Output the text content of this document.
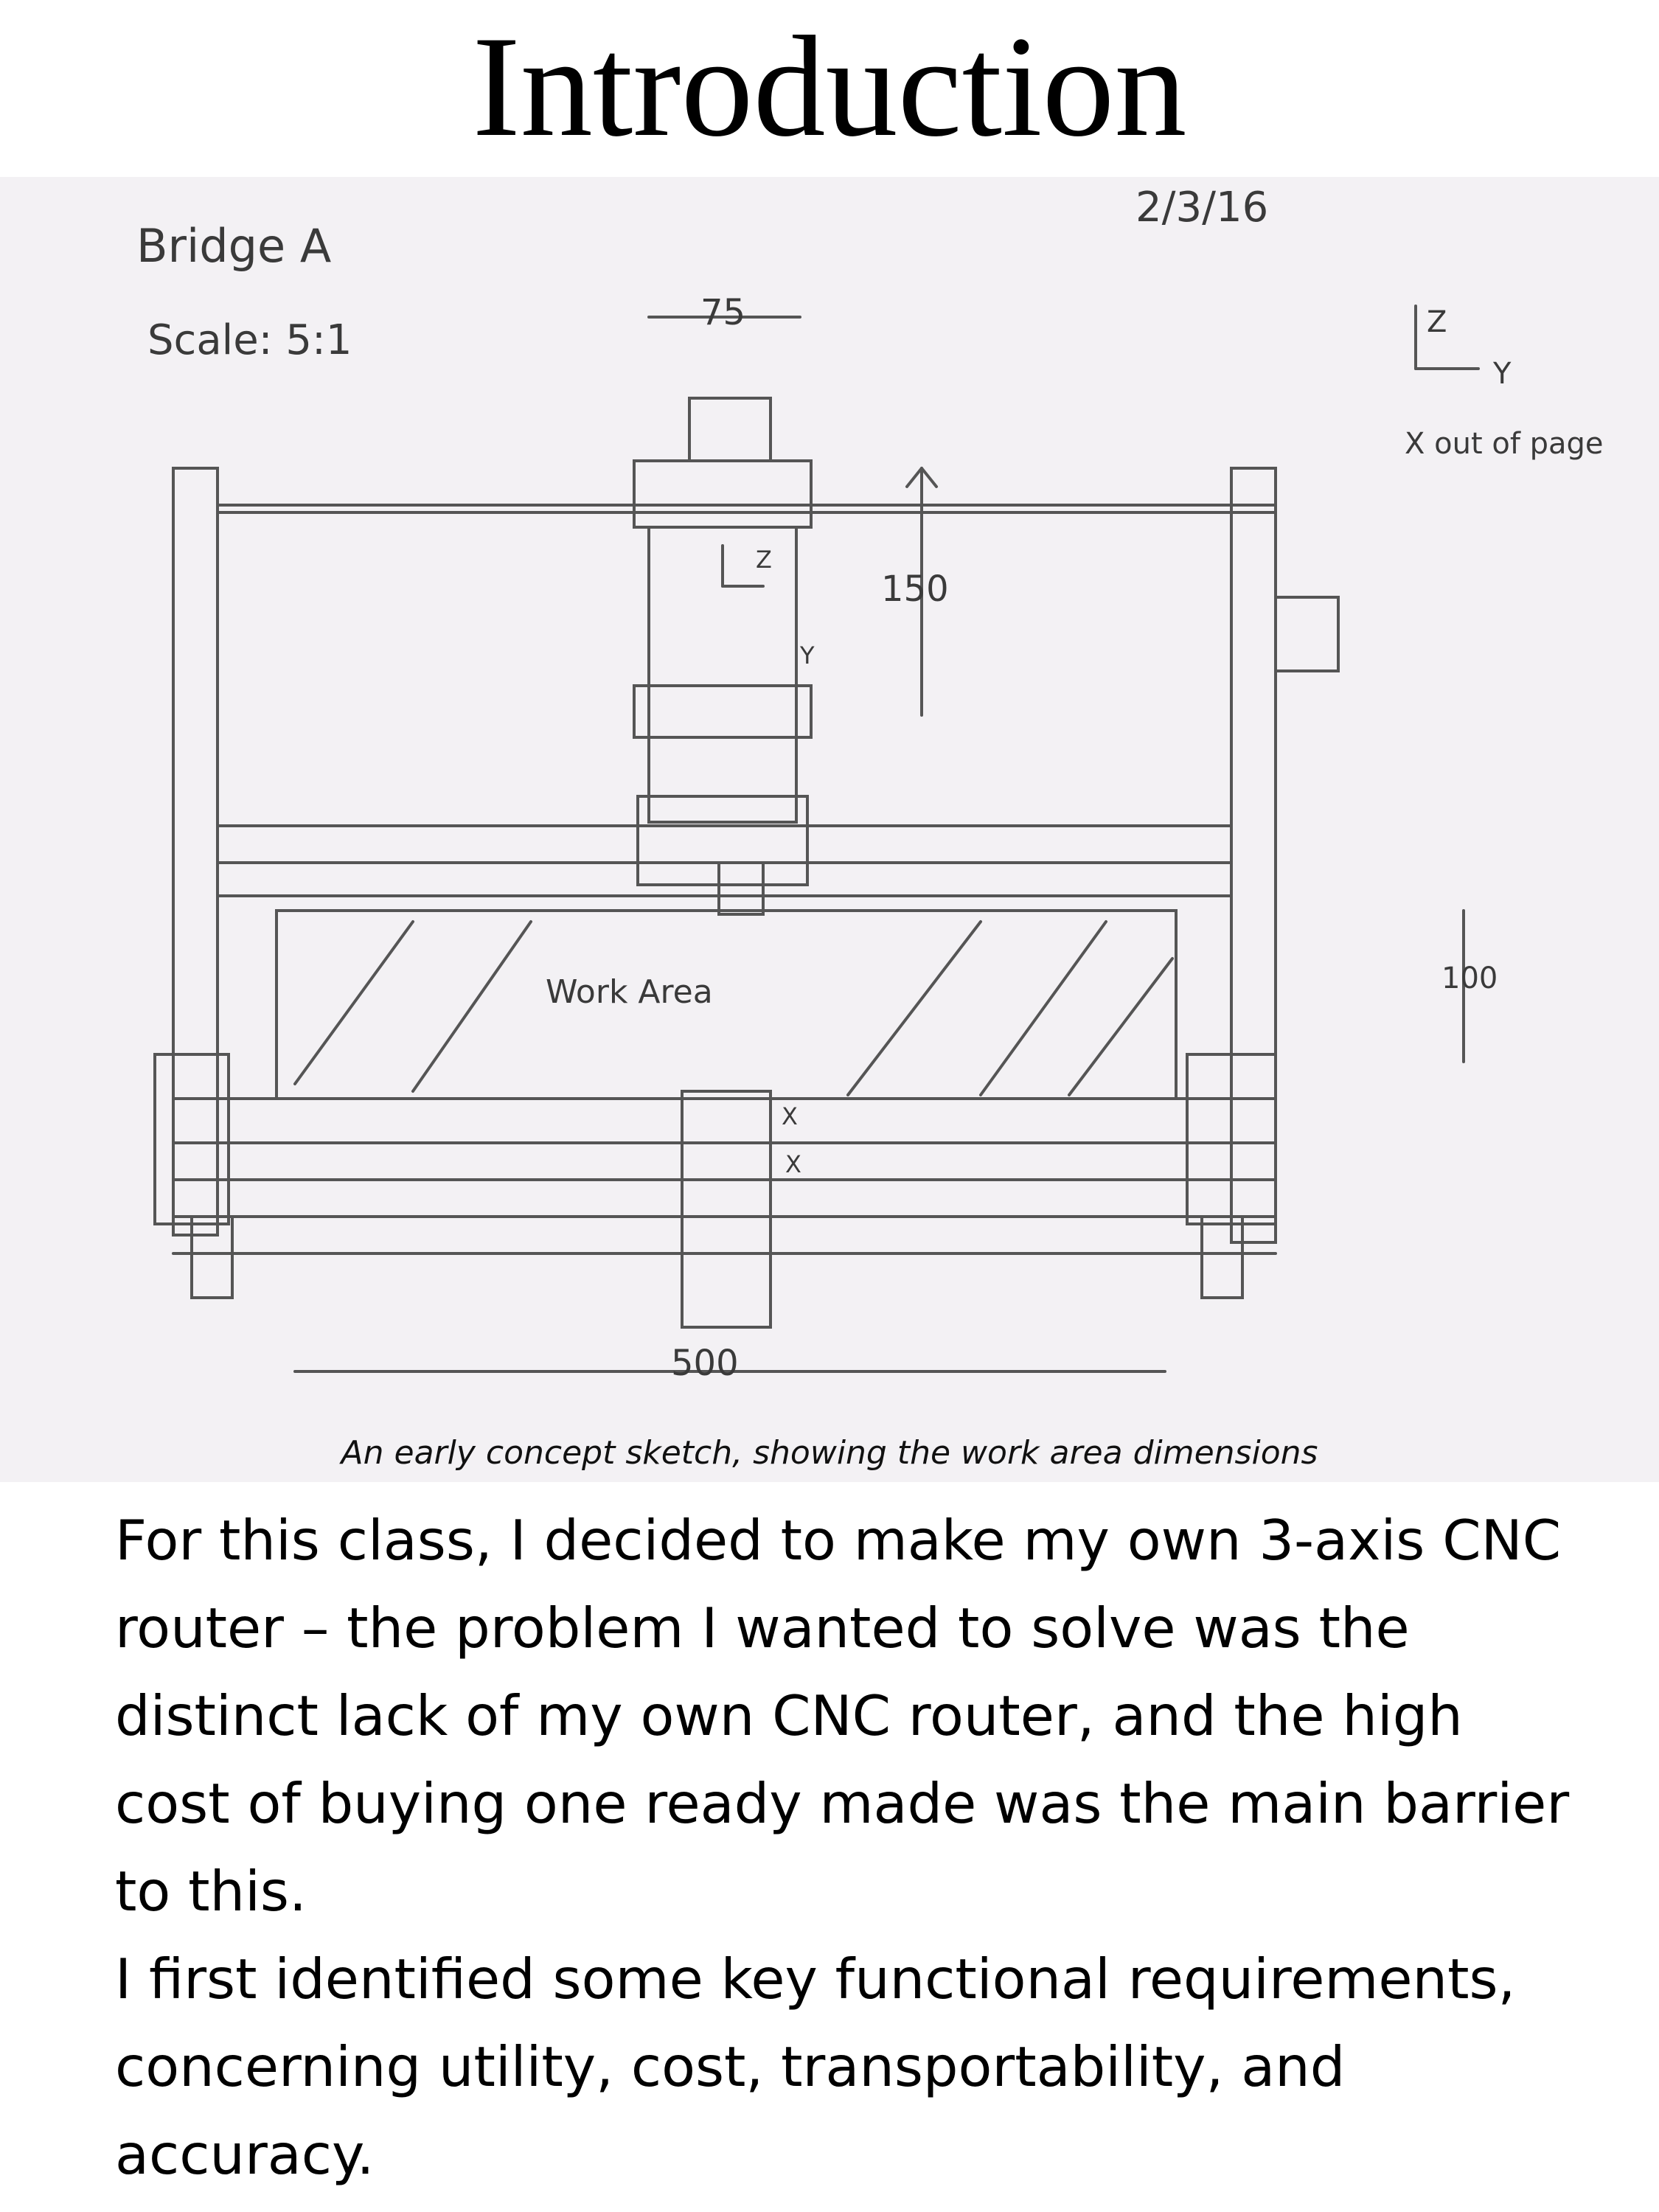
Introduction
Bridge A
Scale: 5:1
2/3/16
75
150
100
500
Work Area
Z
Y
X out of page
Z
Y
X
X
An early concept sketch, showing the work area dimensions

For this class, I decided to make my own 3-axis CNC router – the problem I wanted to solve was the distinct lack of my own CNC router, and the high cost of buying one ready made was the main barrier to this.

I first identified some key functional requirements, concerning utility, cost, transportability, and accuracy.
